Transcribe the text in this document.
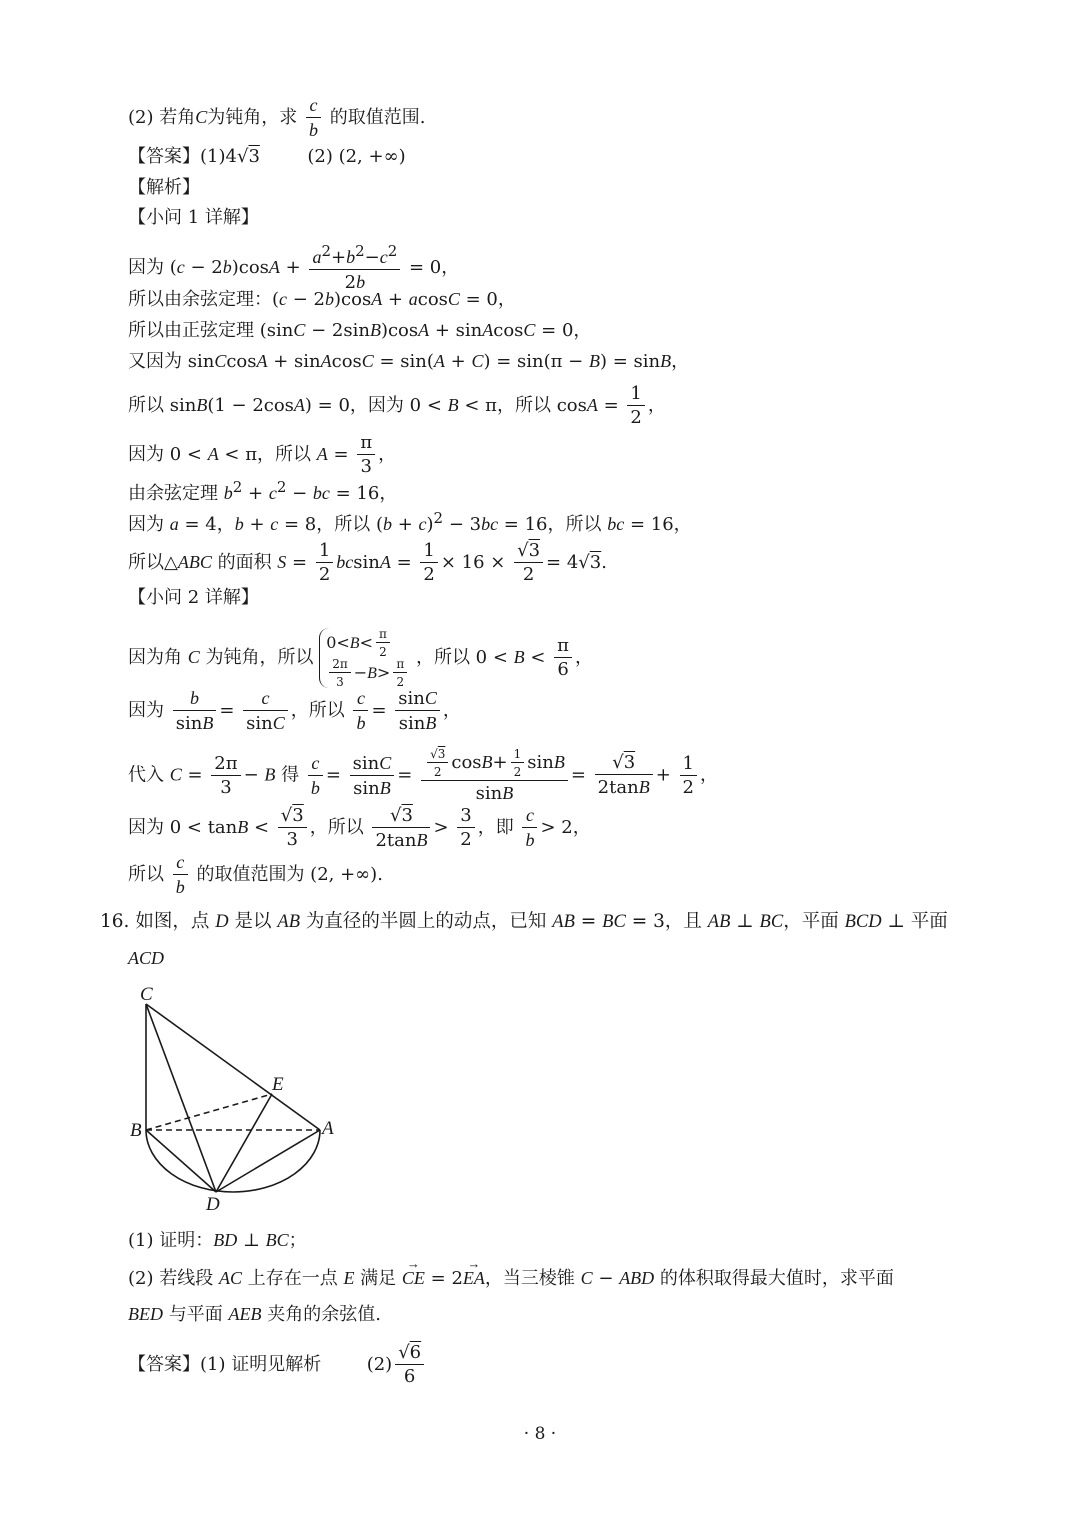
(2) 若角C为钝角，求 $\frac{c}{b}$ 的取值范围.
【答案】(1)4√3	(2) (2, +∞)
【解析】
【小问 1 详解】
因为 $(c - 2b)\cos A + \frac{a^2+b^2-c^2}{2b} = 0$，
所以由余弦定理：(c − 2b)cosA + acosC = 0，
所以由正弦定理 (sinC − 2sinB)cosA + sinAcosC = 0，
又因为 sinCcosA + sinAcosC = sin(A + C) = sin(π − B) = sinB，
所以 sinB(1 − 2cosA) = 0，因为 0 < B < π，所以 $\cos A = \frac{1}{2}$ ，
因为 0 < A < π，所以 $A = \frac{\pi}{3}$ ，
由余弦定理 $b^2 + c^2$ − bc = 16，
因为 a = 4，b + c = 8，所以 $(b + c)^2 - 3bc = 16$，所以 bc = 16，
所以△ABC 的面积 $S = \frac{1}{2}$ $bcsinA = \frac{1}{2} \times 16 \times \frac{√3}{2} = 4√3$.
【小问 2 详解】
因为角 C 为钝角，所以 $0<B< \frac{\pi}{2}$

$\frac{2\pi}{3} -B> \frac{\pi}{2}$
，所以 $0 < B < \frac{\pi}{6}$ ，
因为 $\frac{b}{\sin B} = \frac{c}{\sin C}$ ，所以 $\frac{c}{b} = \frac{\sin C}{\sin B}$ ，
代入 $C = \frac{2\pi}{3} - B$ 得 $\frac{c}{b} = \frac{\sin C}{\sin B} = \frac{\frac{√3}{2} \cos B+ \frac{1}{2} \sin B}{\sin B} = \frac{√3}{2\tan B} + \frac{1}{2}$ ，
因为 $0 < \tan B < \frac{√3}{3}$ ，所以 $\frac{√3}{2\tan B} > \frac{3}{2}$ ，即 $\frac{c}{b} > 2$，
所以 $\frac{c}{b}$ 的取值范围为 (2, +∞).
16. 如图，点 D 是以 AB 为直径的半圆上的动点，已知 AB = BC = 3，且 AB ⊥ BC，平面 BCD ⊥ 平面
ACD
C
E
B	A
D
(1) 证明：BD ⊥ BC；
(2) 若线段 AC 上存在一点 E 满足 → CE = 2→ EA，当三棱锥 C − ABD 的体积取得最大值时，求平面
BED 与平面 AEB 夹角的余弦值.
【答案】(1) 证明见解析	$(2) \frac{√6}{6}$
· 8 ·
